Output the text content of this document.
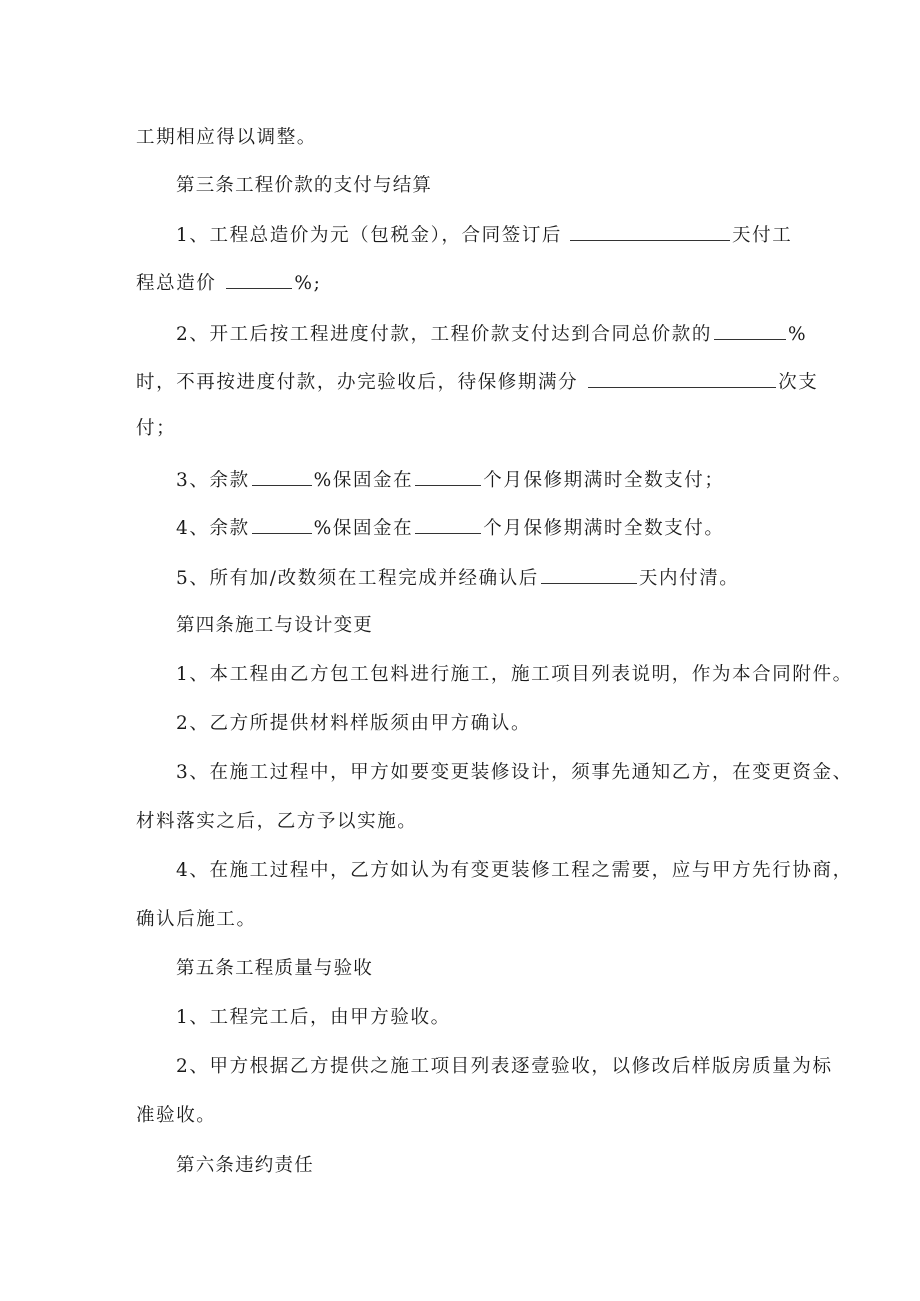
工期相应得以调整。
第三条工程价款的支付与结算
1、工程总造价为元（包税金），合同签订后	天付工
程总造价	%;
2、开工后按工程进度付款，工程价款支付达到合同总价款的	%
时，不再按进度付款，办完验收后，待保修期满分	次支
付；
3、余款	%保固金在	个月保修期满时全数支付；
4、余款	%保固金在	个月保修期满时全数支付。
5、所有加/改数须在工程完成并经确认后	天内付清。
第四条施工与设计变更
1、本工程由乙方包工包料进行施工，施工项目列表说明，作为本合同附件。
2、乙方所提供材料样版须由甲方确认。
3、在施工过程中，甲方如要变更装修设计，须事先通知乙方，在变更资金、
材料落实之后，乙方予以实施。
4、在施工过程中，乙方如认为有变更装修工程之需要，应与甲方先行协商，
确认后施工。
第五条工程质量与验收
1、工程完工后，由甲方验收。
2、甲方根据乙方提供之施工项目列表逐壹验收，以修改后样版房质量为标
准验收。
第六条违约责任
